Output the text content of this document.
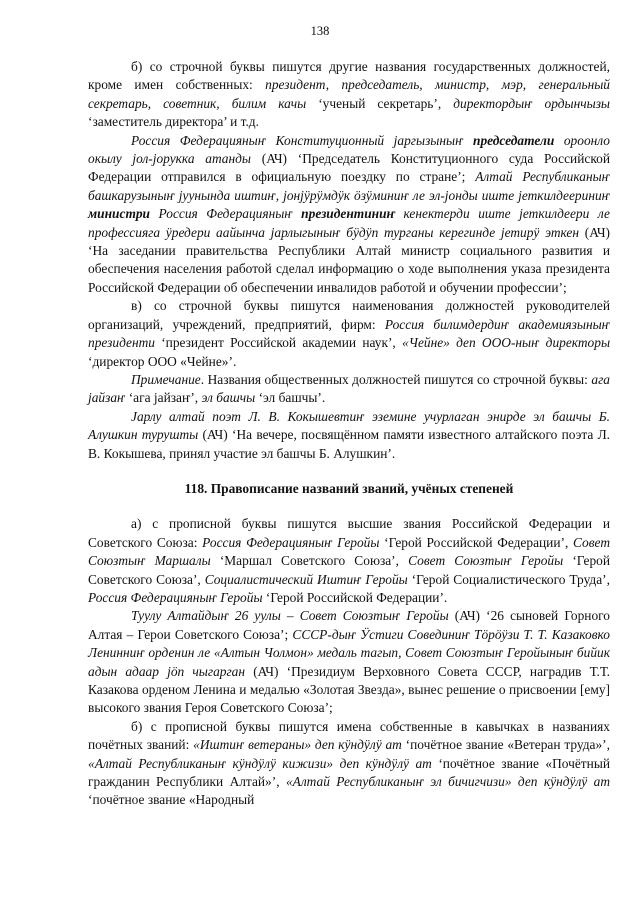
138

б) со строчной буквы пишутся другие названия государственных должностей, кроме имен собственных: президент, председатель, министр, мэр, генеральный секретарь, советник, билим качы ‘ученый секретарь’, директордыҥ ордынчызы ‘заместитель директора’ и т.д.

Россия Федерацияныҥ Конституционный јаргызыныҥ председатели ороонло окылу јол-јорукка атанды (АЧ) ‘Председатель Конституционного суда Российской Федерации отправился в официальную поездку по стране’; Алтай Республиканыҥ башкарузыныҥ јуунында иштиҥ, јонјӱрӱмдӱк ӧзӱминиҥ ле эл‑јонды иште јеткилдеериниҥ министри Россия Федерацияныҥ президентиниҥ кенектерди иште јеткилдеери ле профессияга ӱредери аайынча јарлыгыныҥ бӱдӱп турганы керегинде јетирӱ эткен (АЧ) ‘На заседании правительства Республики Алтай министр социального развития и обеспечения населения работой сделал информацию о ходе выполнения указа президента Российской Федерации об обеспечении инвалидов работой и обучении профессии’;

в) со строчной буквы пишутся наименования должностей руководителей организаций, учреждений, предприятий, фирм: Россия билимдердиҥ академиязыныҥ президенти ‘президент Российской академии наук’, «Чейне» деп ООО-ныҥ директоры ‘директор ООО «Чейне»’.

Примечание. Названия общественных должностей пишутся со строчной буквы: ага јайзаҥ ‘ага јайзаҥ’, эл башчы ‘эл башчы’.

Јарлу алтай поэт Л. В. Кокышевтиҥ эземине учурлаган энирде эл башчы Б. Алушкин турушты (АЧ) ‘На вечере, посвящённом памяти известного алтайского поэта Л. В. Кокышева, принял участие эл башчы Б. Алушкин’.

118. Правописание названий званий, учёных степеней

а) с прописной буквы пишутся высшие звания Российской Федерации и Советского Союза: Россия Федерацияныҥ Геройы ‘Герой Российской Федерации’, Совет Союзтыҥ Маршалы ‘Маршал Советского Союза’, Совет Союзтыҥ Геройы ‘Герой Советского Союза’, Социалистический Иштиҥ Геройы ‘Герой Социалистического Труда’, Россия Федерацияныҥ Геройы ‘Герой Российской Федерации’.

Туулу Алтайдыҥ 26 уулы – Совет Союзтыҥ Геройы (АЧ) ‘26 сыновей Горного Алтая – Герои Советского Союза’; СССР-дыҥ Ӱстиги Совединиҥ Тӧрӧӱзи Т. Т. Казаковко Ленинниҥ орденин ле «Алтын Чолмон» медаль тагып, Совет Союзтыҥ Геройыныҥ бийик адын адаар јӧп чыгарган (АЧ) ‘Президиум Верховного Совета СССР, наградив Т.Т. Казакова орденом Ленина и медалью «Золотая Звезда», вынес решение о присвоении [ему] высокого звания Героя Советского Союза’;

б) с прописной буквы пишутся имена собственные в кавычках в названиях почётных званий: «Иштиҥ ветераны» деп кӱндӱлӱ ат ‘почётное звание «Ветеран труда»’, «Алтай Республиканыҥ кӱндӱлӱ кижизи» деп кӱндӱлӱ ат ‘почётное звание «Почётный гражданин Республики Алтай»’, «Алтай Республиканыҥ эл бичигчизи» деп кӱндӱлӱ ат ‘почётное звание «Народный
